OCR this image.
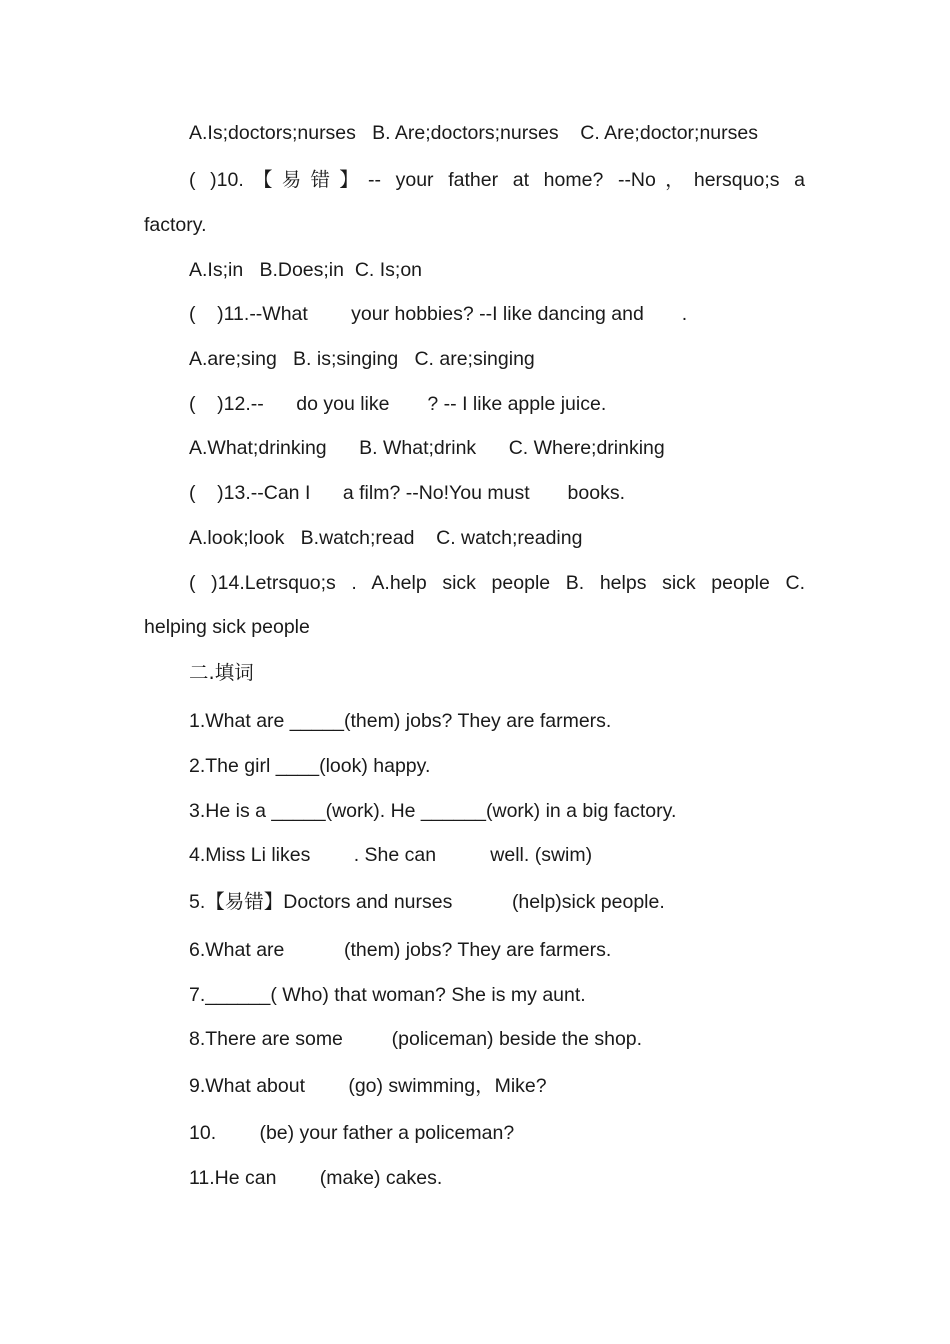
A.Is;doctors;nurses   B. Are;doctors;nurses    C. Are;doctor;nurses
( )10.【易错】-- your father at home? --No，hersquo;s a
factory.
A.Is;in   B.Does;in  C. Is;on
(    )11.--What        your hobbies? --I like dancing and       .
A.are;sing   B. is;singing   C. are;singing
(    )12.--      do you like       ? -- I like apple juice.
A.What;drinking      B. What;drink      C. Where;drinking
(    )13.--Can I      a film? --No!You must       books.
A.look;look   B.watch;read    C. watch;reading
( )14.Letrsquo;s . A.help sick people B. helps sick people C.
helping sick people
二.填词
1.What are _____(them) jobs? They are farmers.
2.The girl ____(look) happy.
3.He is a _____(work). He ______(work) in a big factory.
4.Miss Li likes        . She can          well. (swim)
5.【易错】Doctors and nurses           (help)sick people.
6.What are           (them) jobs? They are farmers.
7.______( Who) that woman? She is my aunt.
8.There are some         (policeman) beside the shop.
9.What about        (go) swimming，Mike?
10.        (be) your father a policeman?
11.He can        (make) cakes.
